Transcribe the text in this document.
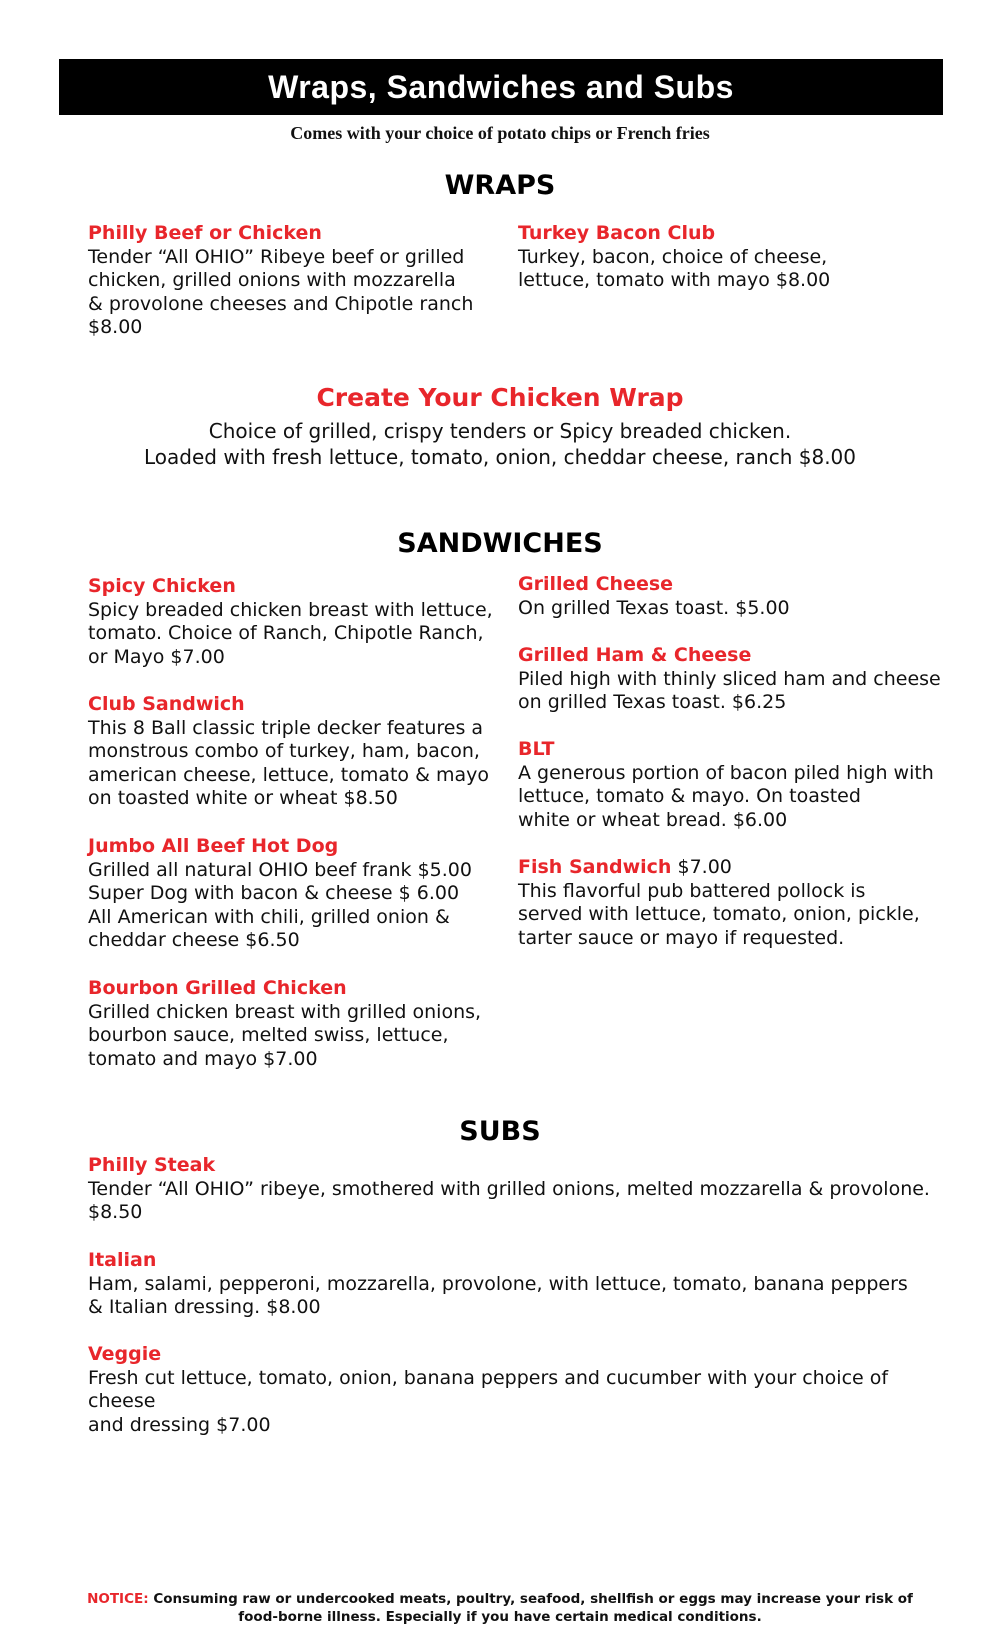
Wraps, Sandwiches and Subs
Comes with your choice of potato chips or French fries
WRAPS
Philly Beef or Chicken
Tender “All OHIO” Ribeye beef or grilled
chicken, grilled onions with mozzarella
& provolone cheeses and Chipotle ranch
$8.00
Turkey Bacon Club
Turkey, bacon, choice of cheese,
lettuce, tomato with mayo $8.00
Create Your Chicken Wrap
Choice of grilled, crispy tenders or Spicy breaded chicken.
Loaded with fresh lettuce, tomato, onion, cheddar cheese, ranch $8.00
SANDWICHES
Spicy Chicken
Spicy breaded chicken breast with lettuce,
tomato. Choice of Ranch, Chipotle Ranch,
or Mayo $7.00
Club Sandwich
This 8 Ball classic triple decker features a
monstrous combo of turkey, ham, bacon,
american cheese, lettuce, tomato & mayo
on toasted white or wheat $8.50
Jumbo All Beef Hot Dog
Grilled all natural OHIO beef frank $5.00
Super Dog with bacon & cheese $ 6.00
All American with chili, grilled onion &
cheddar cheese $6.50
Bourbon Grilled Chicken
Grilled chicken breast with grilled onions,
bourbon sauce, melted swiss, lettuce,
tomato and mayo $7.00
Grilled Cheese
On grilled Texas toast. $5.00
Grilled Ham & Cheese
Piled high with thinly sliced ham and cheese
on grilled Texas toast. $6.25
BLT
A generous portion of bacon piled high with
lettuce, tomato & mayo. On toasted
white or wheat bread. $6.00
Fish Sandwich $7.00
This flavorful pub battered pollock is
served with lettuce, tomato, onion, pickle,
tarter sauce or mayo if requested.
SUBS
Philly Steak
Tender “All OHIO” ribeye, smothered with grilled onions, melted mozzarella & provolone.
$8.50
Italian
Ham, salami, pepperoni, mozzarella, provolone, with lettuce, tomato, banana peppers
& Italian dressing. $8.00
Veggie
Fresh cut lettuce, tomato, onion, banana peppers and cucumber with your choice of cheese
and dressing $7.00
NOTICE: Consuming raw or undercooked meats, poultry, seafood, shellfish or eggs may increase your risk of food-borne illness. Especially if you have certain medical conditions.
